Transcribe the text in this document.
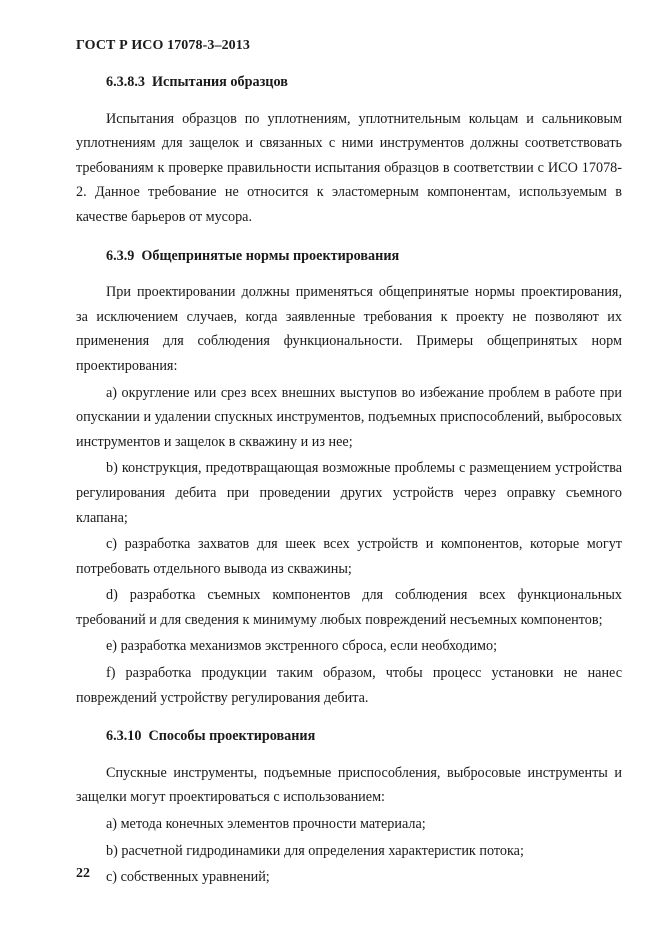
ГОСТ Р ИСО 17078-3–2013
6.3.8.3 Испытания образцов

Испытания образцов по уплотнениям, уплотнительным кольцам и сальниковым уплотнениям для защелок и связанных с ними инструментов должны соответствовать требованиям к проверке правильности испытания образцов в соответствии с ИСО 17078-2. Данное требование не относится к эластомерным компонентам, используемым в качестве барьеров от мусора.

6.3.9 Общепринятые нормы проектирования

При проектировании должны применяться общепринятые нормы проектирования, за исключением случаев, когда заявленные требования к проекту не позволяют их применения для соблюдения функциональности. Примеры общепринятых норм проектирования:

a) округление или срез всех внешних выступов во избежание проблем в работе при опускании и удалении спускных инструментов, подъемных приспособлений, выбросовых инструментов и защелок в скважину и из нее;

b) конструкция, предотвращающая возможные проблемы с размещением устройства регулирования дебита при проведении других устройств через оправку съемного клапана;

c) разработка захватов для шеек всех устройств и компонентов, которые могут потребовать отдельного вывода из скважины;

d) разработка съемных компонентов для соблюдения всех функциональных требований и для сведения к минимуму любых повреждений несъемных компонентов;

e) разработка механизмов экстренного сброса, если необходимо;

f) разработка продукции таким образом, чтобы процесс установки не нанес повреждений устройству регулирования дебита.

6.3.10 Способы проектирования

Спускные инструменты, подъемные приспособления, выбросовые инструменты и защелки могут проектироваться с использованием:

a) метода конечных элементов прочности материала;

b) расчетной гидродинамики для определения характеристик потока;

c) собственных уравнений;

22
